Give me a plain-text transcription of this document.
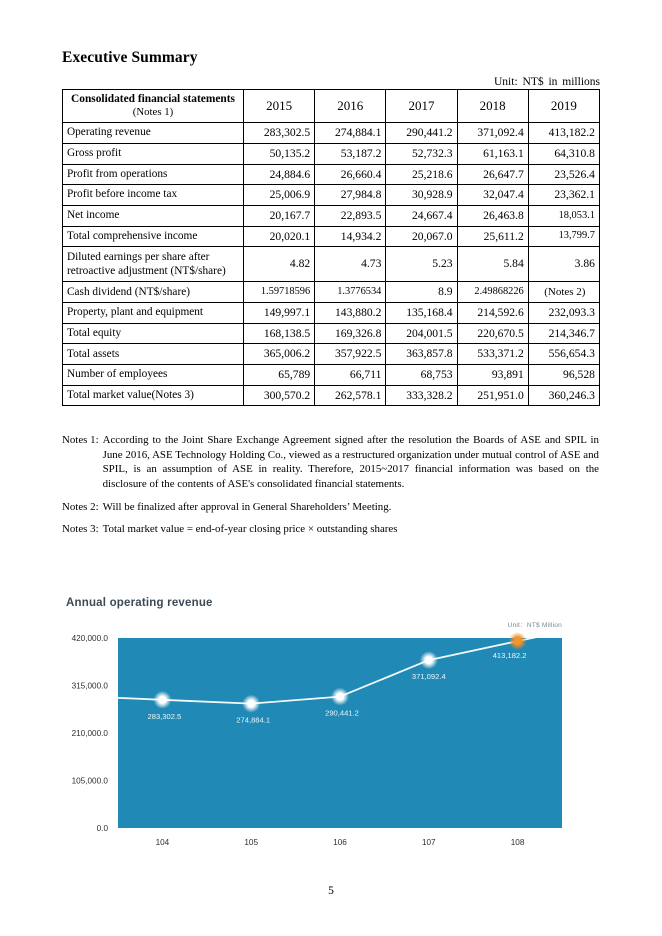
Executive Summary
Unit: NT$ in millions
Consolidated financial statements
(Notes 1)	2015	2016	2017	2018	2019
Operating revenue	283,302.5	274,884.1	290,441.2	371,092.4	413,182.2
Gross profit	50,135.2	53,187.2	52,732.3	61,163.1	64,310.8
Profit from operations	24,884.6	26,660.4	25,218.6	26,647.7	23,526.4
Profit before income tax	25,006.9	27,984.8	30,928.9	32,047.4	23,362.1
Net income	20,167.7	22,893.5	24,667.4	26,463.8	18,053.1
Total comprehensive income	20,020.1	14,934.2	20,067.0	25,611.2	13,799.7
Diluted earnings per share after retroactive adjustment (NT$/share)	4.82	4.73	5.23	5.84	3.86
Cash dividend (NT$/share)	1.59718596	1.3776534	8.9	2.49868226	(Notes 2)
Property, plant and equipment	149,997.1	143,880.2	135,168.4	214,592.6	232,093.3
Total equity	168,138.5	169,326.8	204,001.5	220,670.5	214,346.7
Total assets	365,006.2	357,922.5	363,857.8	533,371.2	556,654.3
Number of employees	65,789	66,711	68,753	93,891	96,528
Total market value(Notes 3)	300,570.2	262,578.1	333,328.2	251,951.0	360,246.3
Notes 1: According to the Joint Share Exchange Agreement signed after the resolution the Boards of ASE and SPIL in June 2016, ASE Technology Holding Co., viewed as a restructured organization under mutual control of ASE and SPIL, is an assumption of ASE in reality. Therefore, 2015~2017 financial information was based on the disclosure of the contents of ASE's consolidated financial statements.
Notes 2: Will be finalized after approval in General Shareholders’ Meeting.
Notes 3: Total market value = end-of-year closing price × outstanding shares
Annual operating revenue
Unit：NT$ Million
0.0
105,000.0
210,000.0
315,000.0
420,000.0
104	105	106	107	108
283,302.5	274,884.1
290,441.2
371,092.4
413,182.2
5
